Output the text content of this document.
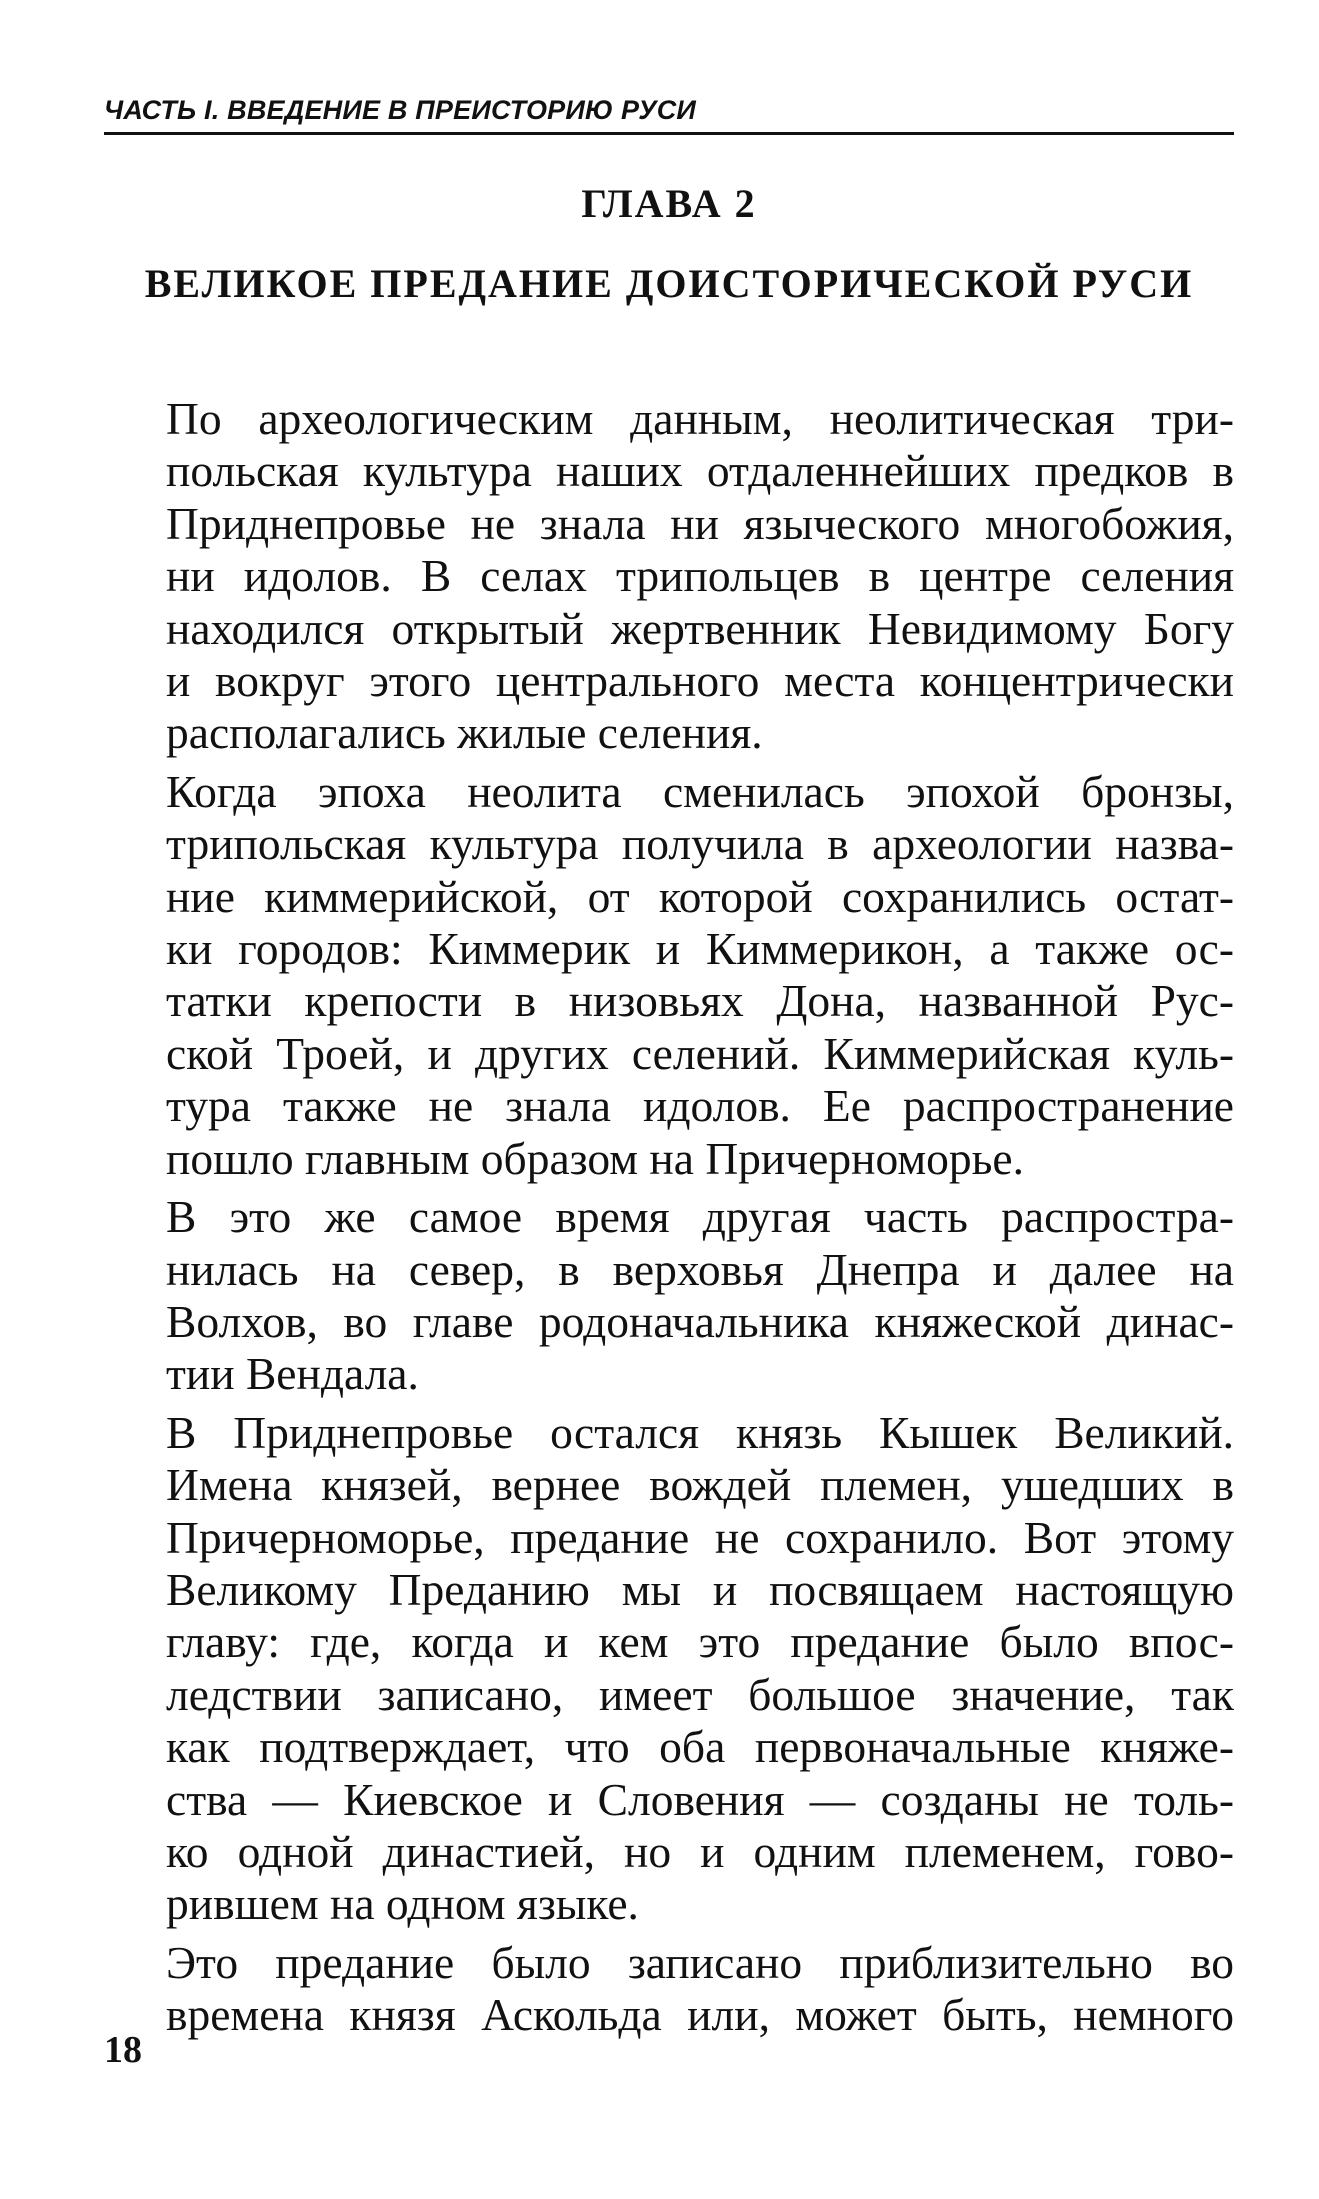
ЧАСТЬ I. ВВЕДЕНИЕ В ПРЕИСТОРИЮ РУСИ
ГЛАВА 2
ВЕЛИКОЕ ПРЕДАНИЕ ДОИСТОРИЧЕСКОЙ РУСИ
По археологическим данным, неолитическая три-
польская культура наших отдаленнейших предков в
Приднепровье не знала ни языческого многобожия,
ни идолов. В селах трипольцев в центре селения
находился открытый жертвенник Невидимому Богу
и вокруг этого центрального места концентрически
располагались жилые селения.
Когда эпоха неолита сменилась эпохой бронзы,
трипольская культура получила в археологии назва-
ние киммерийской, от которой сохранились остат-
ки городов: Киммерик и Киммерикон, а также ос-
татки крепости в низовьях Дона, названной Рус-
ской Троей, и других селений. Киммерийская куль-
тура также не знала идолов. Ее распространение
пошло главным образом на Причерноморье.
В это же самое время другая часть распростра-
нилась на север, в верховья Днепра и далее на
Волхов, во главе родоначальника княжеской динас-
тии Вендала.
В Приднепровье остался князь Кышек Великий.
Имена князей, вернее вождей племен, ушедших в
Причерноморье, предание не сохранило. Вот этому
Великому Преданию мы и посвящаем настоящую
главу: где, когда и кем это предание было впос-
ледствии записано, имеет большое значение, так
как подтверждает, что оба первоначальные княже-
ства — Киевское и Словения — созданы не толь-
ко одной династией, но и одним племенем, гово-
рившем на одном языке.
Это предание было записано приблизительно во
времена князя Аскольда или, может быть, немного
18
